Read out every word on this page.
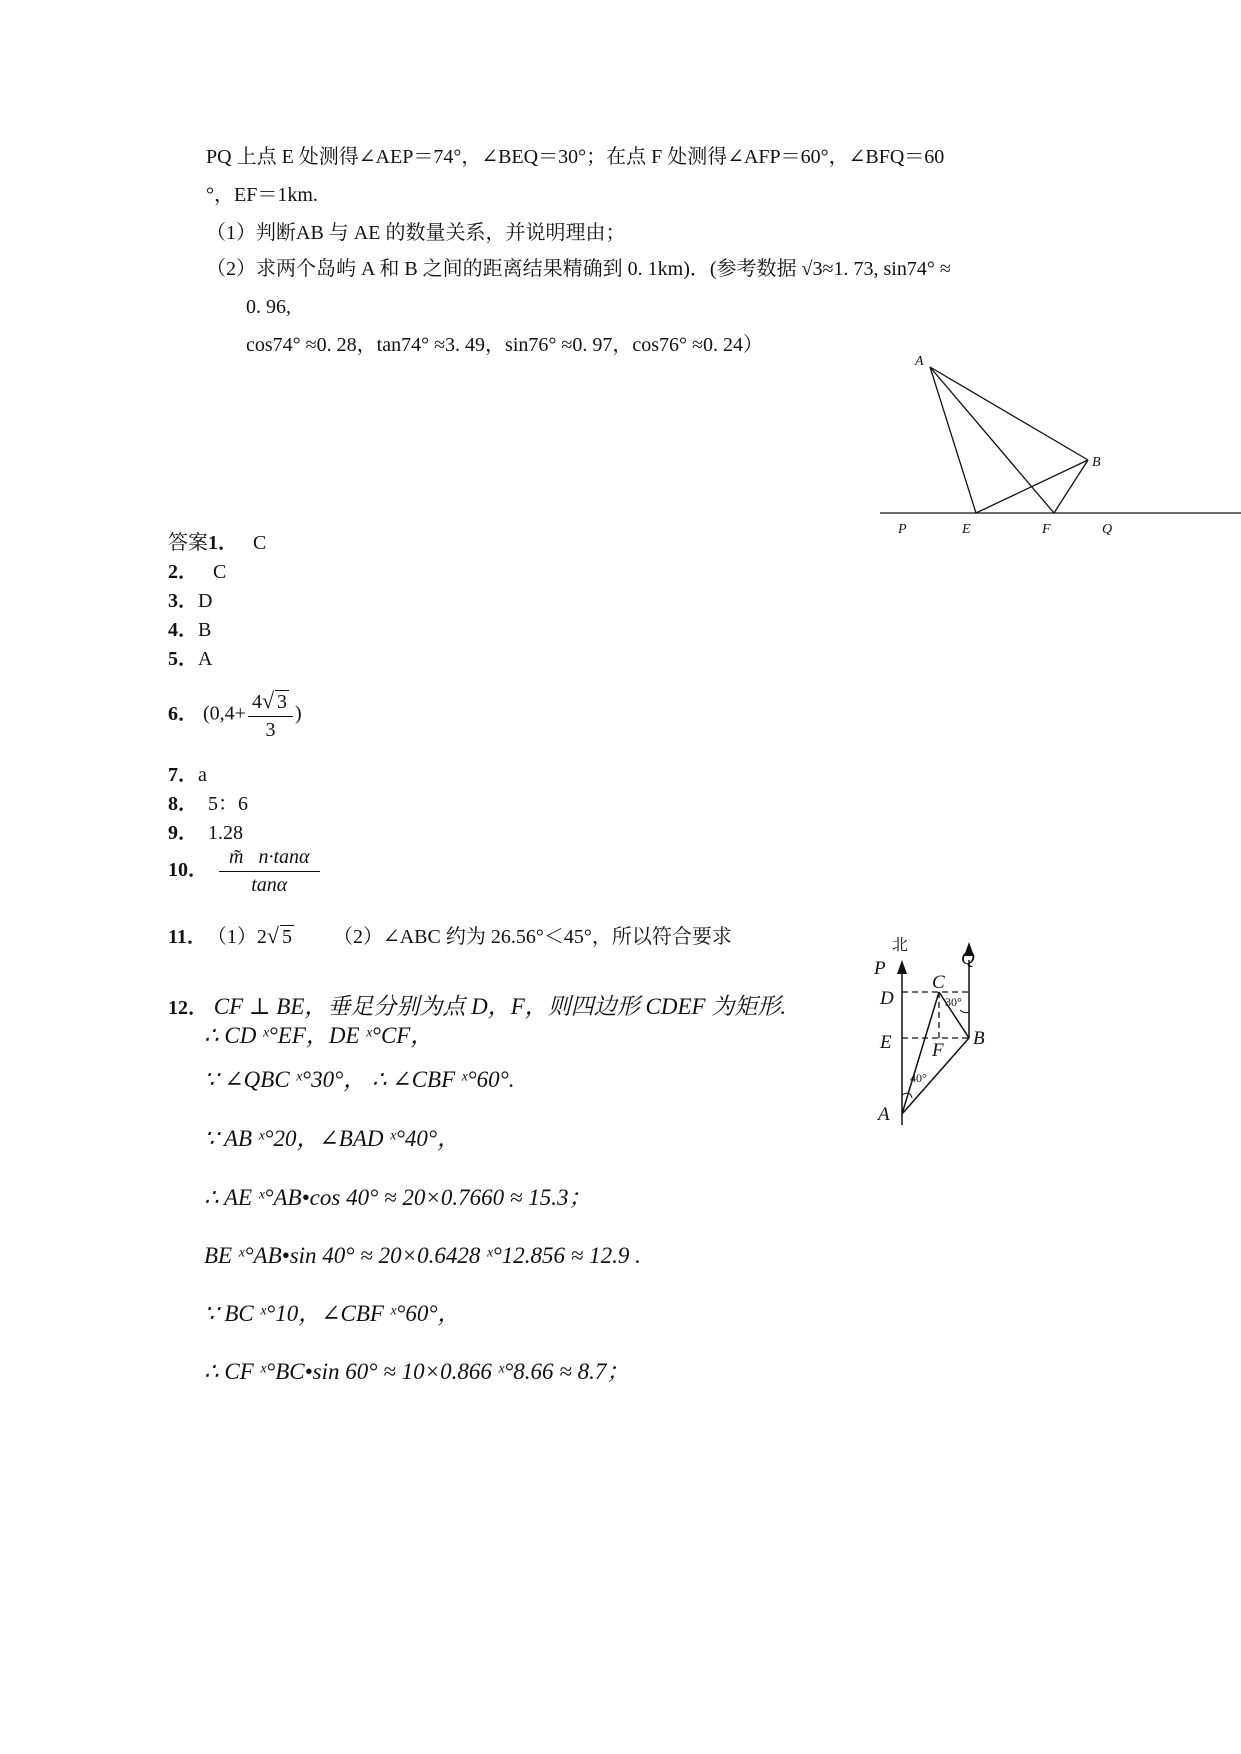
PQ 上点 E 处测得∠AEP＝74°，∠BEQ＝30°；在点 F 处测得∠AFP＝60°，∠BFQ＝60
°，EF＝1km.
（1）判断AB 与 AE 的数量关系，并说明理由；
（2）求两个岛屿 A 和 B 之间的距离结果精确到 0. 1km)．(参考数据 √3≈1. 73, sin74° ≈
0. 96,
cos74° ≈0. 28，tan74° ≈3. 49，sin76° ≈0. 97，cos76° ≈0. 24）
A
B
P	E	F	Q
答案1． C
2． C
3．D
4．B
5．A
6． ($0,4+ \frac{4√ 3}{3}$ )
7．a
8． 5：6
9． 1.28
10． $\frac{m̃ n\cdot\tan\alpha}{\tan\alpha}$
11．（1）2√ 5 （2）∠ABC 约为 26.56°＜45°，所以符合要求	北
P	Q
C
D	30°
E F
B
40°
A
12． CF ⊥ BE，垂足分别为点 D，F，则四边形 CDEF 为矩形.
∴ CD ˣ°EF，DE ˣ°CF，
∵ ∠QBC ˣ°30°， ∴ ∠CBF ˣ°60°.
∵ AB ˣ°20，∠BAD ˣ°40°，
∴ AE ˣ°AB•cos 40° ≈ 20×0.7660 ≈ 15.3；
BE ˣ°AB•sin 40° ≈ 20×0.6428 ˣ°12.856 ≈ 12.9 .
∵ BC ˣ°10，∠CBF ˣ°60°，
∴ CF ˣ°BC•sin 60° ≈ 10×0.866 ˣ°8.66 ≈ 8.7；
